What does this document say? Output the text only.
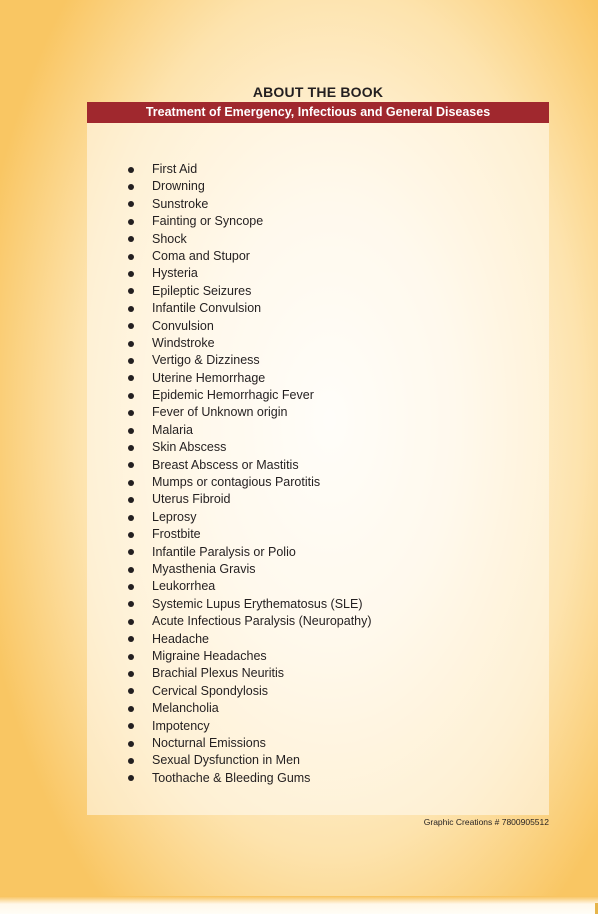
ABOUT THE BOOK
Treatment of Emergency, Infectious and General Diseases
First Aid
Drowning
Sunstroke
Fainting or Syncope
Shock
Coma and Stupor
Hysteria
Epileptic Seizures
Infantile Convulsion
Convulsion
Windstroke
Vertigo & Dizziness
Uterine Hemorrhage
Epidemic Hemorrhagic Fever
Fever of Unknown origin
Malaria
Skin Abscess
Breast Abscess or Mastitis
Mumps or contagious Parotitis
Uterus Fibroid
Leprosy
Frostbite
Infantile Paralysis or Polio
Myasthenia Gravis
Leukorrhea
Systemic Lupus Erythematosus (SLE)
Acute Infectious Paralysis (Neuropathy)
Headache
Migraine Headaches
Brachial Plexus Neuritis
Cervical Spondylosis
Melancholia
Impotency
Nocturnal Emissions
Sexual Dysfunction in Men
Toothache & Bleeding Gums
Graphic Creations # 7800905512
